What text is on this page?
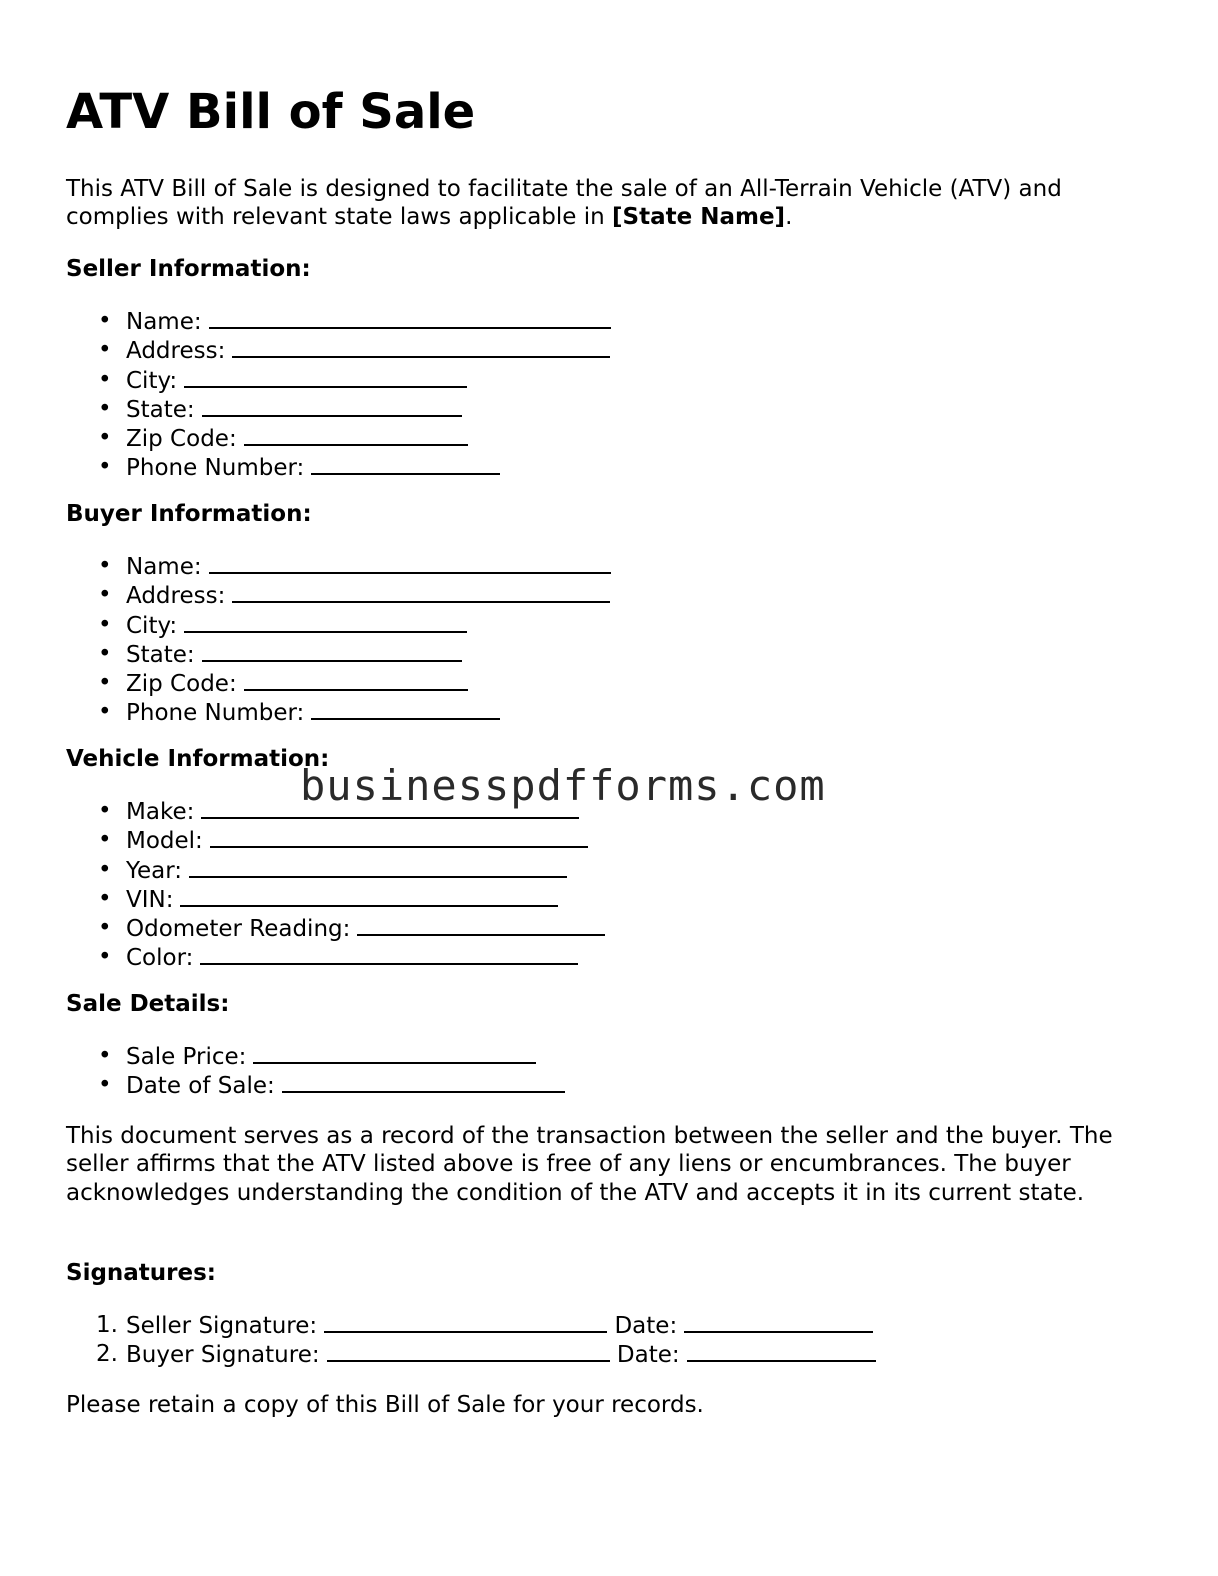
ATV Bill of Sale

This ATV Bill of Sale is designed to facilitate the sale of an All-Terrain Vehicle (ATV) and complies with relevant state laws applicable in [State Name].

Seller Information:
• Name:
• Address:
• City:
• State:
• Zip Code:
• Phone Number:
Buyer Information:
• Name:
• Address:
• City:
• State:
• Zip Code:
• Phone Number:
Vehicle Information:
• Make:
• Model:
• Year:
• VIN:
• Odometer Reading:
• Color:
Sale Details:
• Sale Price:
• Date of Sale:

This document serves as a record of the transaction between the seller and the buyer. The seller affirms that the ATV listed above is free of any liens or encumbrances. The buyer acknowledges understanding the condition of the ATV and accepts it in its current state.

Signatures:
1. Seller Signature:	Date:
2. Buyer Signature:	Date:

Please retain a copy of this Bill of Sale for your records.

businesspdfforms.com
